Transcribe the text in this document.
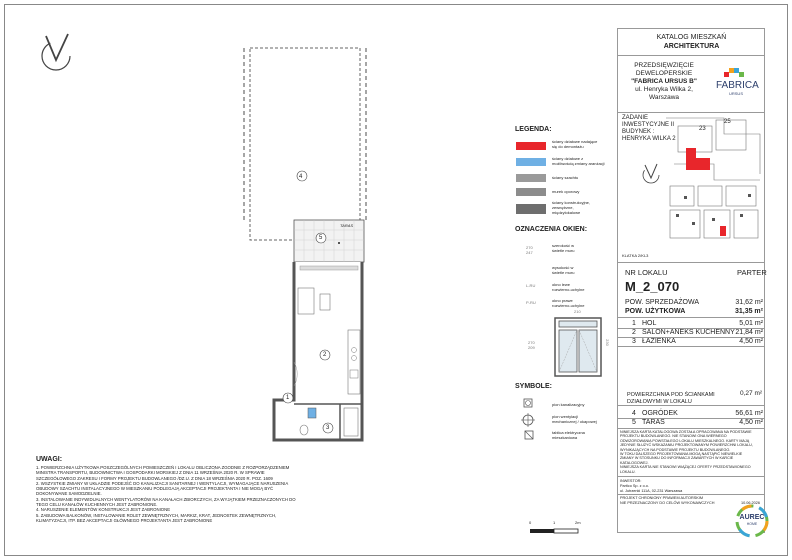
4
5
2
3
1
TARAS
LEGENDA:
ściany działowe nadające
się do demontażu
ściany działowe z
możliwością zmiany aranżacji
ściany szachtu
murek oporowy
ściany konstrukcyjne,
zewnętrzne,
międzylokalowe
OZNACZENIA OKIEN:
270
247
szerokość w
świetle muru
wysokość w
świetle muru
L-RU	okno lewe
rozwierno-uchylne
P-RU	okno prawe
rozwierno-uchylne
210
230
270
209
SYMBOLE:
pion kanalizacyjny
pion wentylacji
mechanicznej / okapowej
tablica elektryczna
mieszkaniowa
UWAGI:
1. POWIERZCHNIA UŻYTKOWA POSZCZEGÓLNYCH POMIESZCZEŃ I LOKALU OBLICZONA ZGODNIE Z ROZPORZĄDZENIEM
MINISTRA TRANSPORTU, BUDOWNICTWA I GOSPODARKI MORSKIEJ Z DNIA 11 WRZEŚNIA 2020 R. W SPRAWIE
SZCZEGÓŁOWEGO ZAKRESU I FORMY PROJEKTU BUDOWLANEGO /DZ.U. Z DNIA 18 WRZEŚNIA 2020 R. POZ. 1609
2. WSZYSTKIE ZMIANY W UKŁADZIE PODEJŚĆ DO KANALIZACJI SANITARNEJ I WENTYLACJI, WYMAGAJĄCE NARUSZENIA
OBUDOWY SZACHTU INSTALACYJNEGO W MIESZKANIU PODLEGAJĄ AKCEPTACJI PROJEKTANTA I NIE MOGĄ BYĆ
DOKONYWANE SAMODZIELNIE.
3. INSTALOWANIE INDYWIDUALNYCH WENTYLATORÓW NA KANAŁACH ZBIORCZYCH, ZA WYJĄTKIEM PRZEZNACZONYCH DO
TEGO CELU KANAŁÓW KUCHENNYCH JEST ZABRONIONE.
4. NARUSZENIE ELEMENTÓW KONSTRUKCJI JEST ZABRONIONE
5. ZABUDOWA BALKONÓW, INSTALOWANIE ROLET ZEWNĘTRZNYCH, MARKIZ, KRAT, JEDNOSTEK ZEWNĘTRZNYCH,
KLIMATYZACJI, ITP. BEZ AKCEPTACJI GŁÓWNEGO PROJEKTANTA JEST ZABRONIONE	0	1	2m
KATALOG MIESZKAŃ
ARCHITEKTURA
PRZEDSIĘWZIĘCIE
DEWELOPERSKIE
"FABRICA URSUS B"
ul. Henryka Wilka 2,
Warszawa
FABRICA
URSUS
ZADANIE
INWESTYCYJNE II
BUDYNEK :
HENRYKA WILKA 2
23
25
KLATKA 2/KL3
NR LOKALU	PARTER
M_2_070
POW. SPRZEDAŻOWA	31,62 m²
POW. UŻYTKOWA	31,35 m²
1 HOL	5,01 m²
2 SALON+ANEKS KUCHENNY 21,84 m²
3 ŁAZIENKA	4,50 m²
POWIERZCHNIA POD ŚCIANKAMI
DZIAŁOWYMI W LOKALU
0,27 m²
4 OGRÓDEK	56,61 m²
5 TARAS	4,50 m²
NINIEJSZA KARTA KATALOGOWA ZOSTAŁA OPRACOWANA NA PODSTAWIE
PROJEKTU BUDOWLANEGO. NIE STANOWI ONA WIERNEGO
ODWZOROWANIA POWSTAŁEGO LOKALU MIESZKALNEGO. KARTY MAJĄ
JEDYNIE SŁUŻYĆ WSKAZANIU PROJEKTOWANYM POWIERZCHNI LOKALU,
WYNIKAJĄCYCH NA PODSTAWIE PROJEKTU BUDOWLANEGO.
W TOKU DALSZEGO PROJEKTOWANIA MOGĄ NASTĄPIĆ NIEWIELKIE
ZMIANY W STOSUNKU DO INFORMACJI ZAWARTYCH W KARCIE
KATALOGOWEJ.
NINIEJSZA KARTA NIE STANOWI WIĄŻĄCEJ OFERTY PRZEDSTAWIONEGO
LOKALU.
INWESTOR:
Partico Sp. z o.o.
ul. Jutrzenki 111A, 02-231 Warszawa
PROJEKT CHRONIONY PRAWEM AUTORSKIM
NIE PRZEZNACZONY DO CELÓW WYKONAWCZYCH	10.06.2026
AUREC
HOME
